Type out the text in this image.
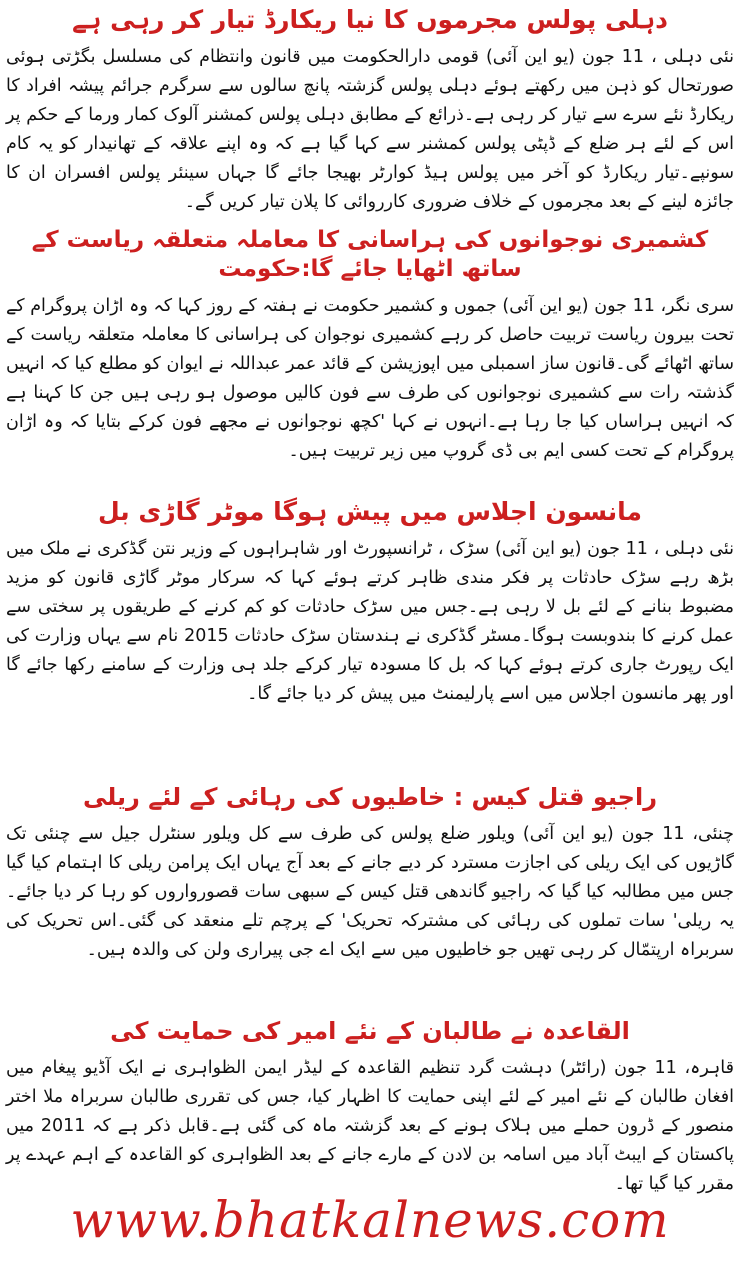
دہلی پولس مجرموں کا نیا ریکارڈ تیار کر رہی ہے

نئی دہلی ، 11 جون (یو این آئی) قومی دارالحکومت میں قانون وانتظام کی مسلسل بگڑتی ہوئی صورتحال کو ذہن میں رکھتے ہوئے دہلی پولس گزشتہ پانچ سالوں سے سرگرم جرائم پیشہ افراد کا ریکارڈ نئے سرے سے تیار کر رہی ہے۔ذرائع کے مطابق دہلی پولس کمشنر آلوک کمار ورما کے حکم پر اس کے لئے ہر ضلع کے ڈپٹی پولس کمشنر سے کہا گیا ہے کہ وہ اپنے علاقہ کے تھانیدار کو یہ کام سونپے۔تیار ریکارڈ کو آخر میں پولس ہیڈ کوارٹر بھیجا جائے گا جہاں سینئر پولس افسران ان کا جائزہ لینے کے بعد مجرموں کے خلاف ضروری کارروائی کا پلان تیار کریں گے۔

کشمیری نوجوانوں کی ہراسانی کا معاملہ متعلقہ ریاست کے ساتھ اٹھایا جائے گا:حکومت

سری نگر، 11 جون (یو این آئی) جموں و کشمیر حکومت نے ہفتہ کے روز کہا کہ وہ اڑان پروگرام کے تحت بیرون ریاست تربیت حاصل کر رہے کشمیری نوجوان کی ہراسانی کا معاملہ متعلقہ ریاست کے ساتھ اٹھائے گی۔قانون ساز اسمبلی میں اپوزیشن کے قائد عمر عبداللہ نے ایوان کو مطلع کیا کہ انہیں گذشتہ رات سے کشمیری نوجوانوں کی طرف سے فون کالیں موصول ہو رہی ہیں جن کا کہنا ہے کہ انہیں ہراساں کیا جا رہا ہے۔انہوں نے کہا 'کچھ نوجوانوں نے مجھے فون کرکے بتایا کہ وہ اڑان پروگرام کے تحت کسی ایم بی ڈی گروپ میں زیر تربیت ہیں۔

مانسون اجلاس میں پیش ہوگا موٹر گاڑی بل

نئی دہلی ، 11 جون (یو این آئی) سڑک ، ٹرانسپورٹ اور شاہراہوں کے وزیر نتن گڈکری نے ملک میں بڑھ رہے سڑک حادثات پر فکر مندی ظاہر کرتے ہوئے کہا کہ سرکار موٹر گاڑی قانون کو مزید مضبوط بنانے کے لئے بل لا رہی ہے۔جس میں سڑک حادثات کو کم کرنے کے طریقوں پر سختی سے عمل کرنے کا بندوبست ہوگا۔مسٹر گڈکری نے ہندستان سڑک حادثات 2015 نام سے یہاں وزارت کی ایک رپورٹ جاری کرتے ہوئے کہا کہ بل کا مسودہ تیار کرکے جلد ہی وزارت کے سامنے رکھا جائے گا اور پھر مانسون اجلاس میں اسے پارلیمنٹ میں پیش کر دیا جائے گا۔

راجیو قتل کیس : خاطیوں کی رہائی کے لئے ریلی

چنئی، 11 جون (یو این آئی) ویلور ضلع پولس کی طرف سے کل ویلور سنٹرل جیل سے چنئی تک گاڑیوں کی ایک ریلی کی اجازت مسترد کر دیے جانے کے بعد آج یہاں ایک پرامن ریلی کا اہتمام کیا گیا جس میں مطالبہ کیا گیا کہ راجیو گاندھی قتل کیس کے سبھی سات قصورواروں کو رہا کر دیا جائے۔یہ ریلی' سات تملوں کی رہائی کی مشترکہ تحریک' کے پرچم تلے منعقد کی گئی۔اس تحریک کی سربراہ ارپتمّال کر رہی تھیں جو خاطیوں میں سے ایک اے جی پیراری ولن کی والدہ ہیں۔

القاعدہ نے طالبان کے نئے امیر کی حمایت کی

قاہرہ، 11 جون (رائٹر) دہشت گرد تنظیم القاعدہ کے لیڈر ایمن الظواہری نے ایک آڈیو پیغام میں افغان طالبان کے نئے امیر کے لئے اپنی حمایت کا اظہار کیا، جس کی تقرری طالبان سربراہ ملا اختر منصور کے ڈرون حملے میں ہلاک ہونے کے بعد گزشتہ ماہ کی گئی ہے۔قابل ذکر ہے کہ 2011 میں پاکستان کے ایبٹ آباد میں اسامہ بن لادن کے مارے جانے کے بعد الظواہری کو القاعدہ کے اہم عہدے پر مقرر کیا گیا تھا۔

www.bhatkalnews.com
